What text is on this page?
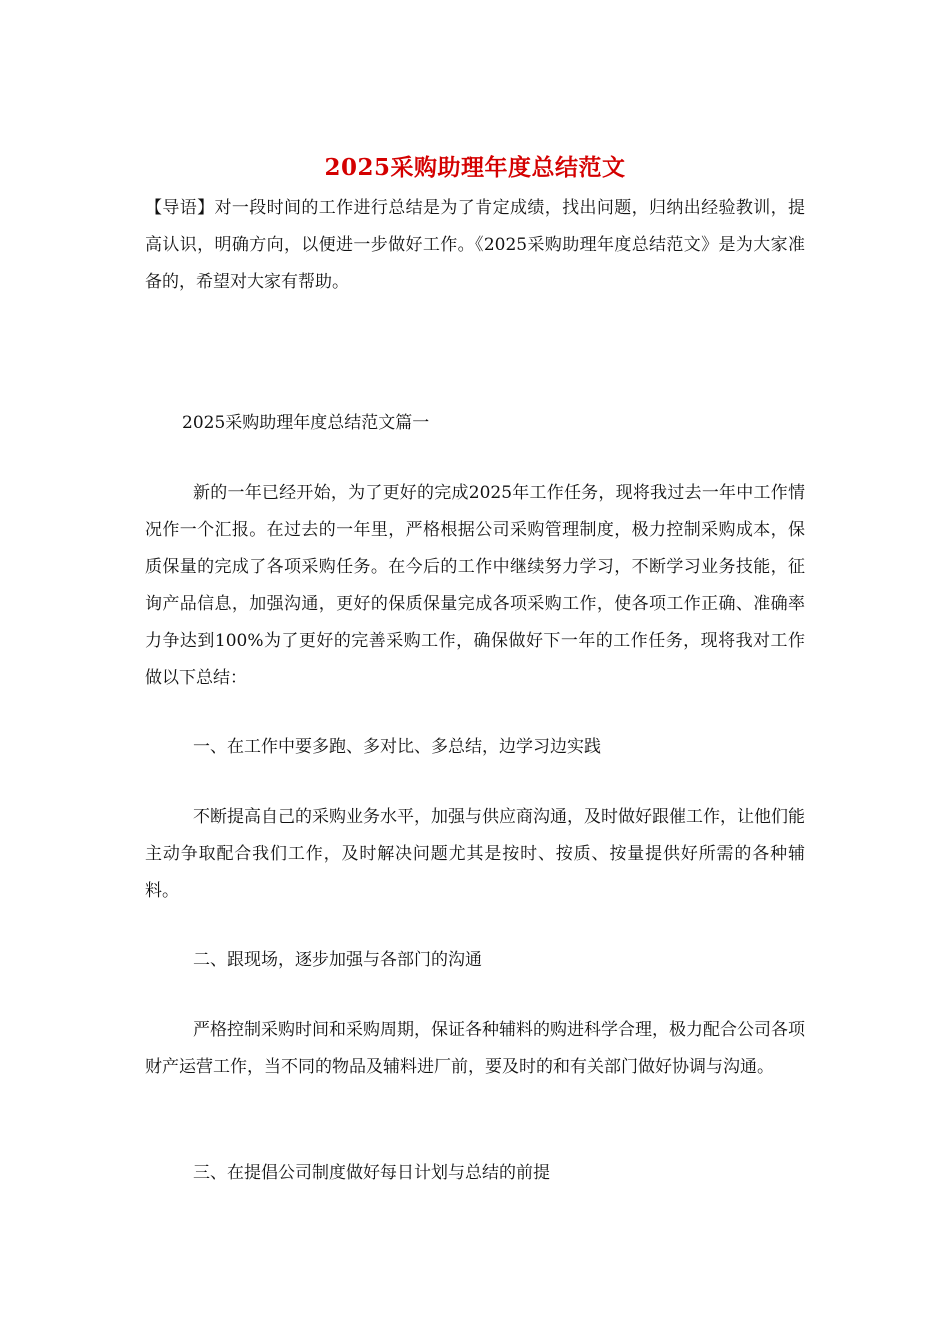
2025采购助理年度总结范文

【导语】对一段时间的工作进行总结是为了肯定成绩，找出问题，归纳出经验教训，提高认识，明确方向，以便进一步做好工作。《2025采购助理年度总结范文》是为大家准备的，希望对大家有帮助。

2025采购助理年度总结范文篇一

新的一年已经开始，为了更好的完成2025年工作任务，现将我过去一年中工作情况作一个汇报。在过去的一年里，严格根据公司采购管理制度，极力控制采购成本，保质保量的完成了各项采购任务。在今后的工作中继续努力学习，不断学习业务技能，征询产品信息，加强沟通，更好的保质保量完成各项采购工作，使各项工作正确、准确率力争达到100%为了更好的完善采购工作，确保做好下一年的工作任务，现将我对工作做以下总结：

一、在工作中要多跑、多对比、多总结，边学习边实践

不断提高自己的采购业务水平，加强与供应商沟通，及时做好跟催工作，让他们能主动争取配合我们工作，及时解决问题尤其是按时、按质、按量提供好所需的各种辅料。

二、跟现场，逐步加强与各部门的沟通

严格控制采购时间和采购周期，保证各种辅料的购进科学合理，极力配合公司各项财产运营工作，当不同的物品及辅料进厂前，要及时的和有关部门做好协调与沟通。

三、在提倡公司制度做好每日计划与总结的前提
